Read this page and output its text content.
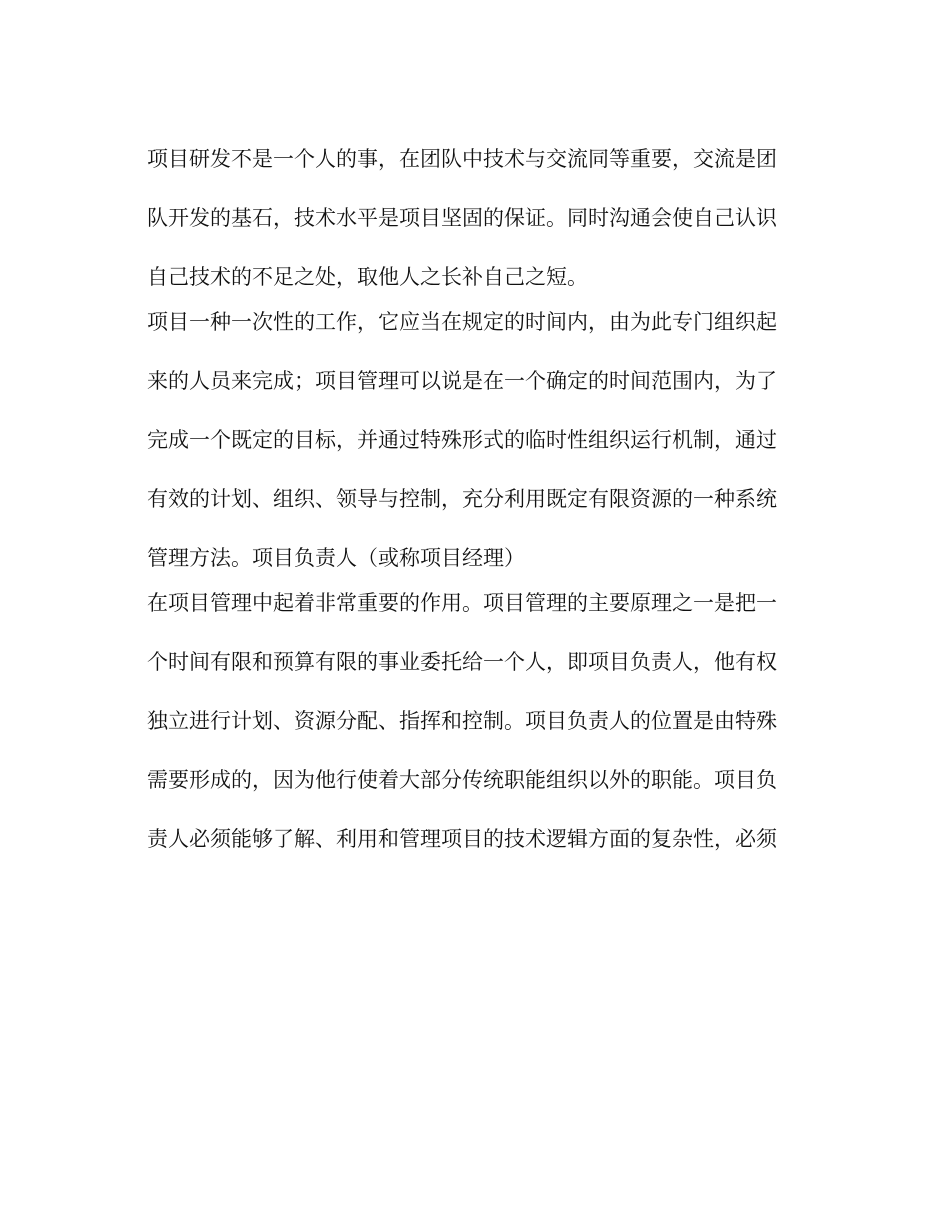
项目研发不是一个人的事，在团队中技术与交流同等重要，交流是团
队开发的基石，技术水平是项目坚固的保证。同时沟通会使自己认识
自己技术的不足之处，取他人之长补自己之短。
项目一种一次性的工作，它应当在规定的时间内，由为此专门组织起
来的人员来完成；项目管理可以说是在一个确定的时间范围内，为了
完成一个既定的目标，并通过特殊形式的临时性组织运行机制，通过
有效的计划、组织、领导与控制，充分利用既定有限资源的一种系统
管理方法。项目负责人（或称项目经理）
在项目管理中起着非常重要的作用。项目管理的主要原理之一是把一
个时间有限和预算有限的事业委托给一个人，即项目负责人，他有权
独立进行计划、资源分配、指挥和控制。项目负责人的位置是由特殊
需要形成的，因为他行使着大部分传统职能组织以外的职能。项目负
责人必须能够了解、利用和管理项目的技术逻辑方面的复杂性，必须
